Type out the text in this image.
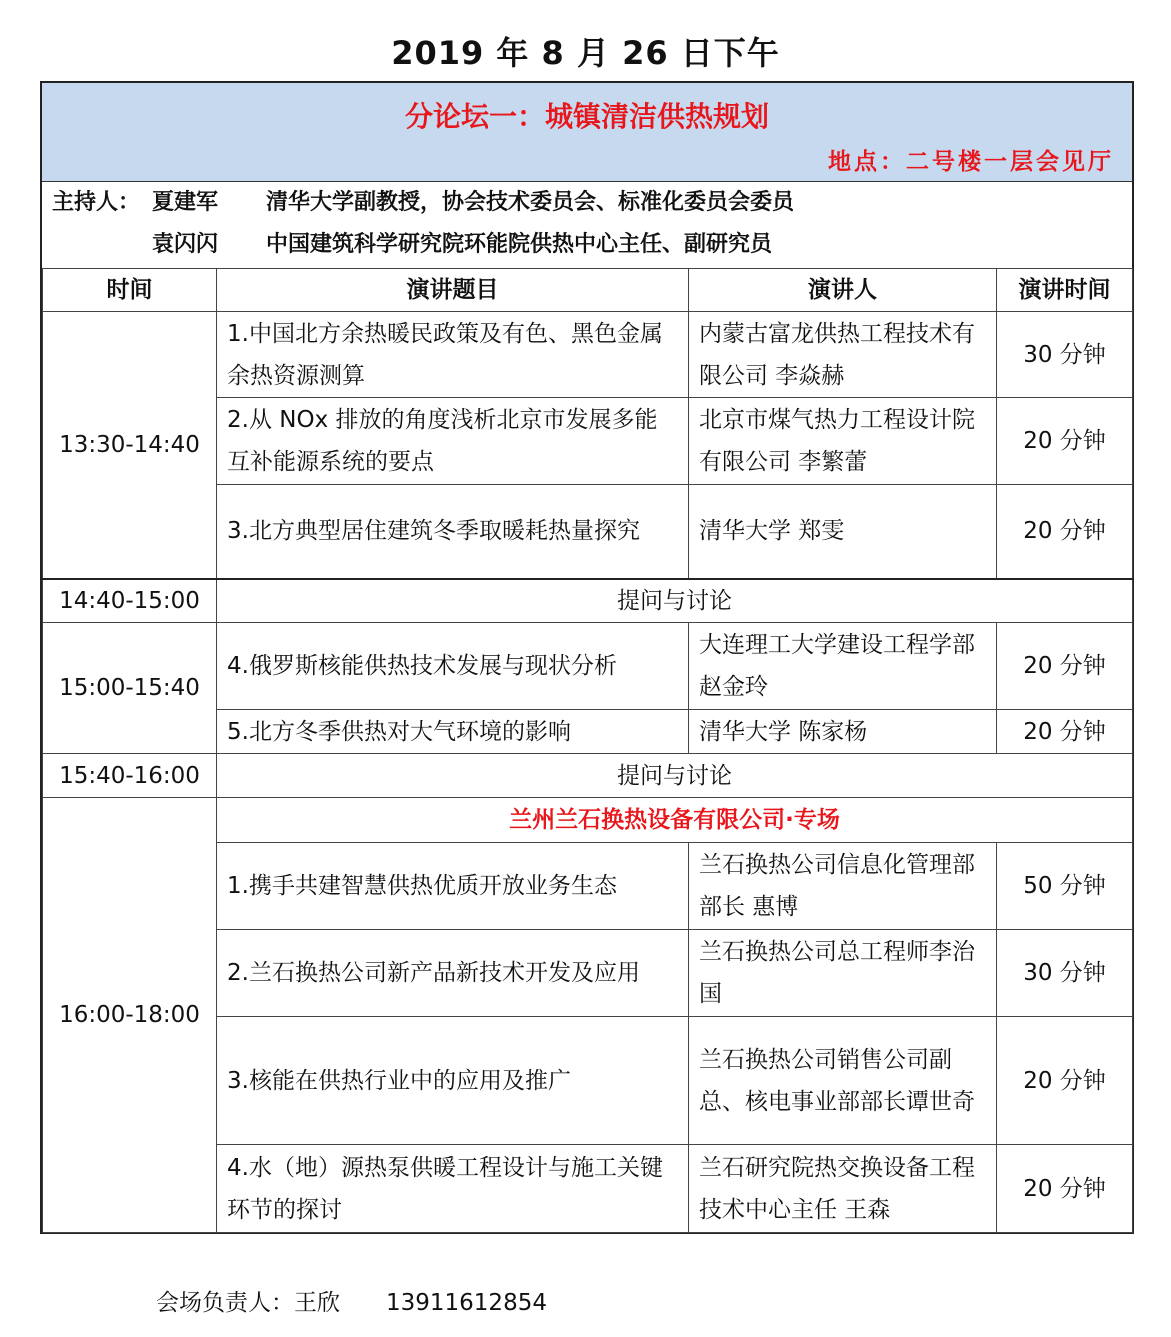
2019 年 8 月 26 日下午
分论坛一：城镇清洁供热规划
地点：二号楼一层会见厅
主持人： 夏建军	清华大学副教授，协会技术委员会、标准化委员会委员
袁闪闪	中国建筑科学研究院环能院供热中心主任、副研究员
时间	演讲题目	演讲人	演讲时间
13:30-14:40	1.中国北方余热暖民政策及有色、黑色金属余热资源测算	内蒙古富龙供热工程技术有限公司 李焱赫	30 分钟
	2.从 NOx 排放的角度浅析北京市发展多能互补能源系统的要点	北京市煤气热力工程设计院有限公司 李繁蕾	20 分钟
	3.北方典型居住建筑冬季取暖耗热量探究	清华大学 郑雯	20 分钟
14:40-15:00	提问与讨论		
15:00-15:40	4.俄罗斯核能供热技术发展与现状分析	大连理工大学建设工程学部 赵金玲	20 分钟
	5.北方冬季供热对大气环境的影响	清华大学 陈家杨	20 分钟
15:40-16:00	提问与讨论		
16:00-18:00	兰州兰石换热设备有限公司·专场		
	1.携手共建智慧供热优质开放业务生态	兰石换热公司信息化管理部部长 惠博	50 分钟
	2.兰石换热公司新产品新技术开发及应用	兰石换热公司总工程师李治国	30 分钟
	3.核能在供热行业中的应用及推广	兰石换热公司销售公司副总、核电事业部部长谭世奇	20 分钟
	4.水（地）源热泵供暖工程设计与施工关键环节的探讨	兰石研究院热交换设备工程技术中心主任 王森	20 分钟
会场负责人：王欣 13911612854
